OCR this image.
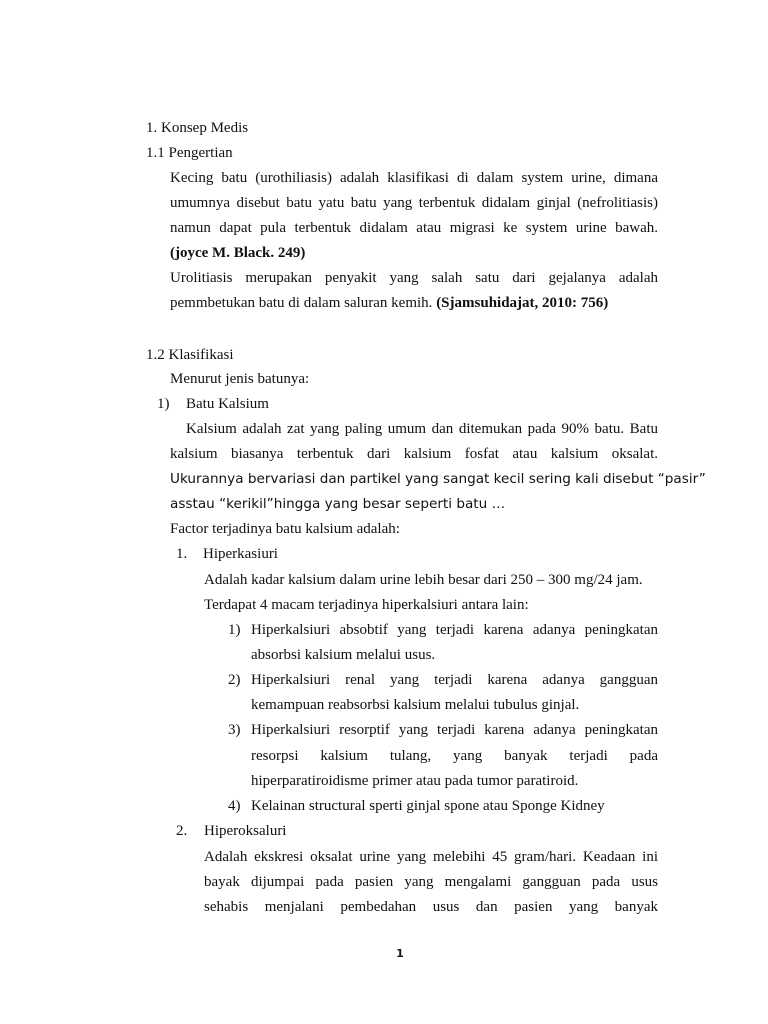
1. Konsep Medis
1.1 Pengertian
Kecing batu (urothiliasis) adalah klasifikasi di dalam system urine, dimana
umumnya disebut batu yatu batu yang terbentuk didalam ginjal (nefrolitiasis)
namun dapat pula terbentuk didalam atau migrasi ke system urine bawah.
(joyce M. Black. 249)
Urolitiasis merupakan penyakit yang salah satu dari gejalanya adalah
pemmbetukan batu di dalam saluran kemih. (Sjamsuhidajat, 2010: 756)
1.2 Klasifikasi
Menurut jenis batunya:
1) Batu Kalsium
Kalsium adalah zat yang paling umum dan ditemukan pada 90% batu. Batu
kalsium biasanya terbentuk dari kalsium fosfat atau kalsium oksalat.
Ukurannya bervariasi dan partikel yang sangat kecil sering kali disebut “pasir”
asstau “kerikil”hingga yang besar seperti batu …
Factor terjadinya batu kalsium adalah:
1. Hiperkasiuri
Adalah kadar kalsium dalam urine lebih besar dari 250 – 300 mg/24 jam.
Terdapat 4 macam terjadinya hiperkalsiuri antara lain:
1) Hiperkalsiuri absobtif yang terjadi karena adanya peningkatan
absorbsi kalsium melalui usus.
2) Hiperkalsiuri renal yang terjadi karena adanya gangguan
kemampuan reabsorbsi kalsium melalui tubulus ginjal.
3) Hiperkalsiuri resorptif yang terjadi karena adanya peningkatan
resorpsi kalsium tulang, yang banyak terjadi pada
hiperparatiroidisme primer atau pada tumor paratiroid.
4) Kelainan structural sperti ginjal spone atau Sponge Kidney
2. Hiperoksaluri
Adalah ekskresi oksalat urine yang melebihi 45 gram/hari. Keadaan ini
bayak dijumpai pada pasien yang mengalami gangguan pada usus
sehabis menjalani pembedahan usus dan pasien yang banyak
1
